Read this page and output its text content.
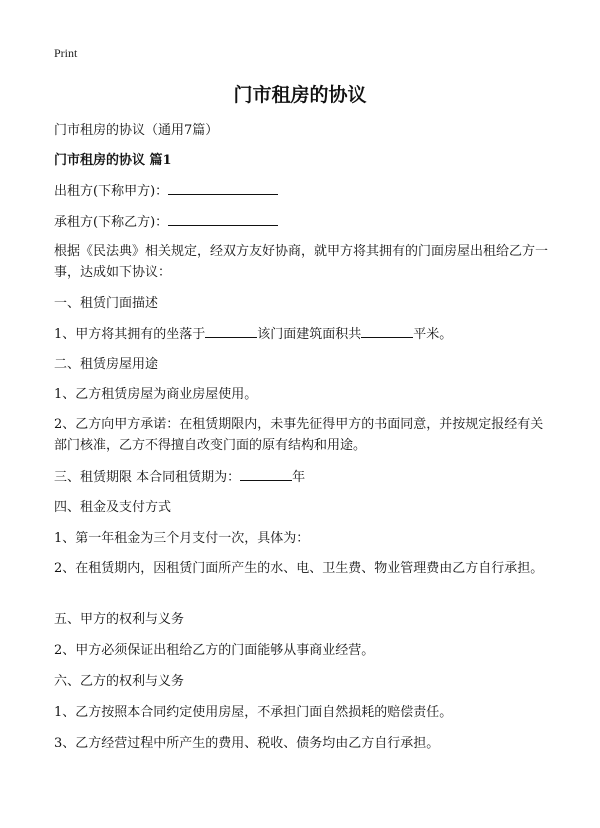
Print
门市租房的协议

门市租房的协议（通用7篇）

门市租房的协议 篇1

出租方(下称甲方)：

承租方(下称乙方)：

根据《民法典》相关规定，经双方友好协商，就甲方将其拥有的门面房屋出租给乙方一事，达成如下协议：

一、租赁门面描述

1、甲方将其拥有的坐落于	该门面建筑面积共	平米。

二、租赁房屋用途

1、乙方租赁房屋为商业房屋使用。

2、乙方向甲方承诺：在租赁期限内，未事先征得甲方的书面同意，并按规定报经有关部门核准，乙方不得擅自改变门面的原有结构和用途。

三、租赁期限 本合同租赁期为：	年

四、租金及支付方式

1、第一年租金为三个月支付一次，具体为：

2、在租赁期内，因租赁门面所产生的水、电、卫生费、物业管理费由乙方自行承担。

五、甲方的权利与义务

2、甲方必须保证出租给乙方的门面能够从事商业经营。

六、乙方的权利与义务

1、乙方按照本合同约定使用房屋，不承担门面自然损耗的赔偿责任。

3、乙方经营过程中所产生的费用、税收、债务均由乙方自行承担。
